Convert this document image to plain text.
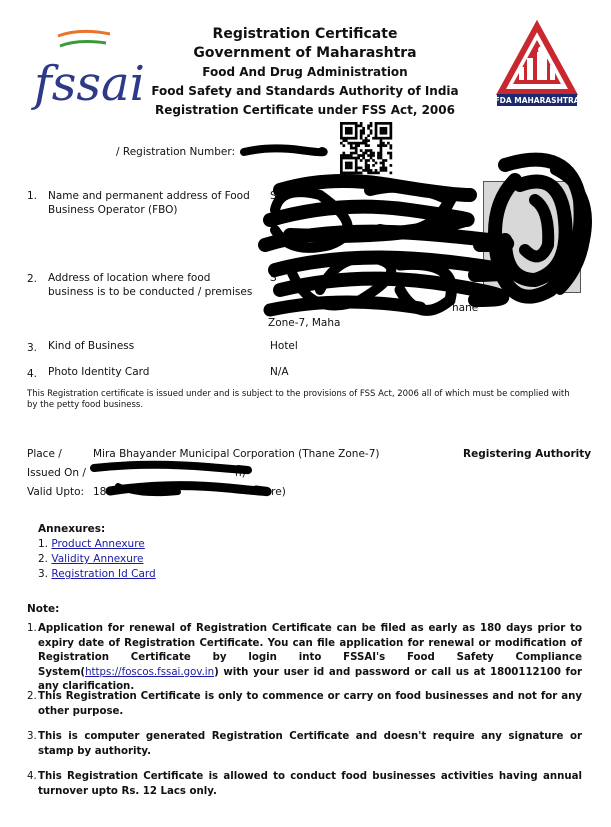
fssai	FDA MAHARASHTRA
Registration Certificate
Government of Maharashtra
Food And Drug Administration
Food Safety and Standards Authority of India
Registration Certificate under FSS Act, 2006
/ Registration Number:
1. Name and permanent address of Food Business Operator (FBO)
S
2. Address of location where food business is to be conducted / premises
S
hane
Zone-7, Maha
3. Kind of Business	Hotel
4. Photo Identity Card	N/A
This Registration certificate is issued under and is subject to the provisions of FSS Act, 2006 all of which must be complied with by the petty food business.
Place /	Mira Bhayander Municipal Corporation (Thane Zone-7)	Registering Authority
Issued On /	n)
Valid Upto: 18	exure)
Annexures:
1. Product Annexure
2. Validity Annexure
3. Registration Id Card
Note:
1. Application for renewal of Registration Certificate can be filed as early as 180 days prior to expiry date of Registration Certificate. You can file application for renewal or modification of Registration Certificate by login into FSSAI's Food Safety Compliance System(https://foscos.fssai.gov.in) with your user id and password or call us at 1800112100 for any clarification.
2. This Registration Certificate is only to commence or carry on food businesses and not for any other purpose.
3. This is computer generated Registration Certificate and doesn't require any signature or stamp by authority.
4. This Registration Certificate is allowed to conduct food businesses activities having annual turnover upto Rs. 12 Lacs only.
